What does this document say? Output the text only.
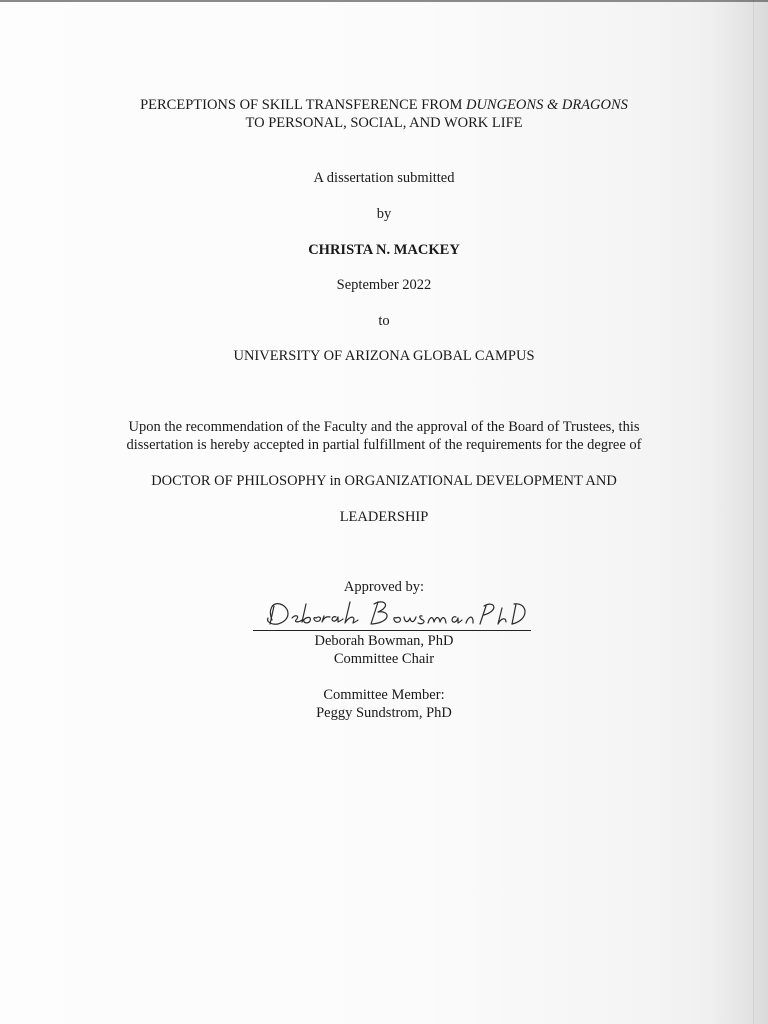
PERCEPTIONS OF SKILL TRANSFERENCE FROM DUNGEONS & DRAGONS
TO PERSONAL, SOCIAL, AND WORK LIFE
A dissertation submitted
by
CHRISTA N. MACKEY
September 2022
to
UNIVERSITY OF ARIZONA GLOBAL CAMPUS
Upon the recommendation of the Faculty and the approval of the Board of Trustees, this
dissertation is hereby accepted in partial fulfillment of the requirements for the degree of
DOCTOR OF PHILOSOPHY in ORGANIZATIONAL DEVELOPMENT AND
LEADERSHIP
Approved by:
Deborah Bowman, PhD
Committee Chair
Committee Member:
Peggy Sundstrom, PhD
